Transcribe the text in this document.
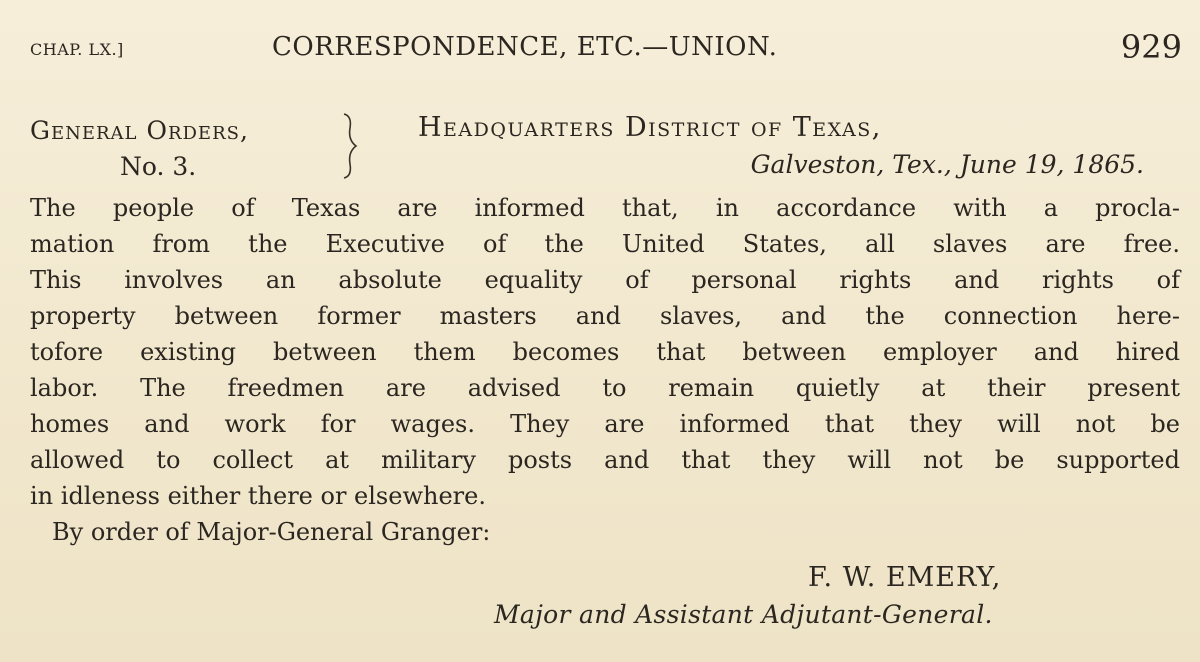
CHAP. LX.]	CORRESPONDENCE, ETC.—UNION.	929
General Orders,
No. 3.
Headquarters District of Texas,
Galveston, Tex., June 19, 1865.
The people of Texas are informed that, in accordance with a procla-
mation from the Executive of the United States, all slaves are free.
This involves an absolute equality of personal rights and rights of
property between former masters and slaves, and the connection here-
tofore existing between them becomes that between employer and hired
labor. The freedmen are advised to remain quietly at their present
homes and work for wages. They are informed that they will not be
allowed to collect at military posts and that they will not be supported
in idleness either there or elsewhere.
By order of Major-General Granger:
F. W. EMERY,
Major and Assistant Adjutant-General.
